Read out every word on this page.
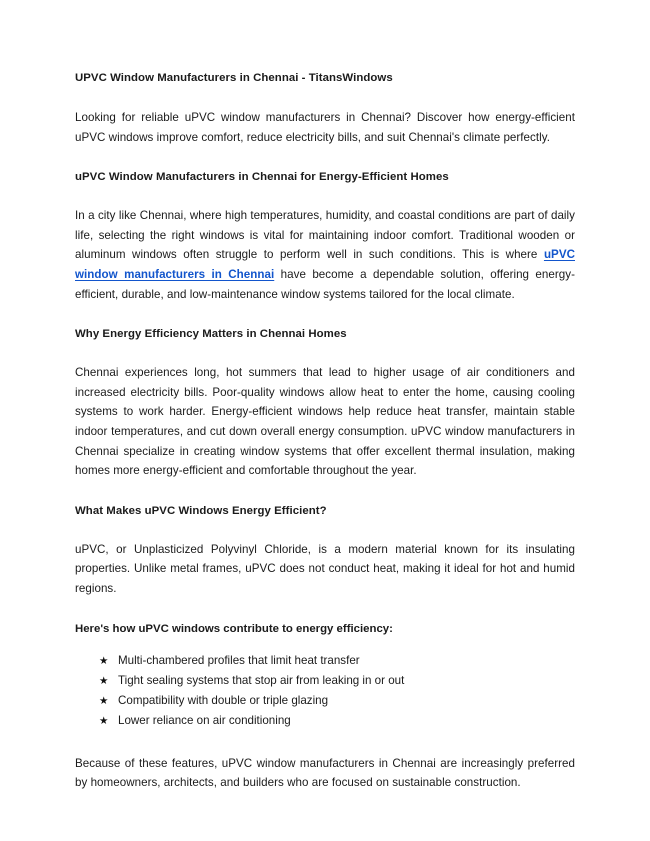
UPVC Window Manufacturers in Chennai - TitansWindows

Looking for reliable uPVC window manufacturers in Chennai? Discover how energy-efficient uPVC windows improve comfort, reduce electricity bills, and suit Chennai's climate perfectly.

uPVC Window Manufacturers in Chennai for Energy-Efficient Homes

In a city like Chennai, where high temperatures, humidity, and coastal conditions are part of daily life, selecting the right windows is vital for maintaining indoor comfort. Traditional wooden or aluminum windows often struggle to perform well in such conditions. This is where uPVC window manufacturers in Chennai have become a dependable solution, offering energy-efficient, durable, and low-maintenance window systems tailored for the local climate.

Why Energy Efficiency Matters in Chennai Homes

Chennai experiences long, hot summers that lead to higher usage of air conditioners and increased electricity bills. Poor-quality windows allow heat to enter the home, causing cooling systems to work harder. Energy-efficient windows help reduce heat transfer, maintain stable indoor temperatures, and cut down overall energy consumption. uPVC window manufacturers in Chennai specialize in creating window systems that offer excellent thermal insulation, making homes more energy-efficient and comfortable throughout the year.

What Makes uPVC Windows Energy Efficient?

uPVC, or Unplasticized Polyvinyl Chloride, is a modern material known for its insulating properties. Unlike metal frames, uPVC does not conduct heat, making it ideal for hot and humid regions.

Here's how uPVC windows contribute to energy efficiency:

★ Multi-chambered profiles that limit heat transfer
★ Tight sealing systems that stop air from leaking in or out
★ Compatibility with double or triple glazing
★ Lower reliance on air conditioning

Because of these features, uPVC window manufacturers in Chennai are increasingly preferred by homeowners, architects, and builders who are focused on sustainable construction.
